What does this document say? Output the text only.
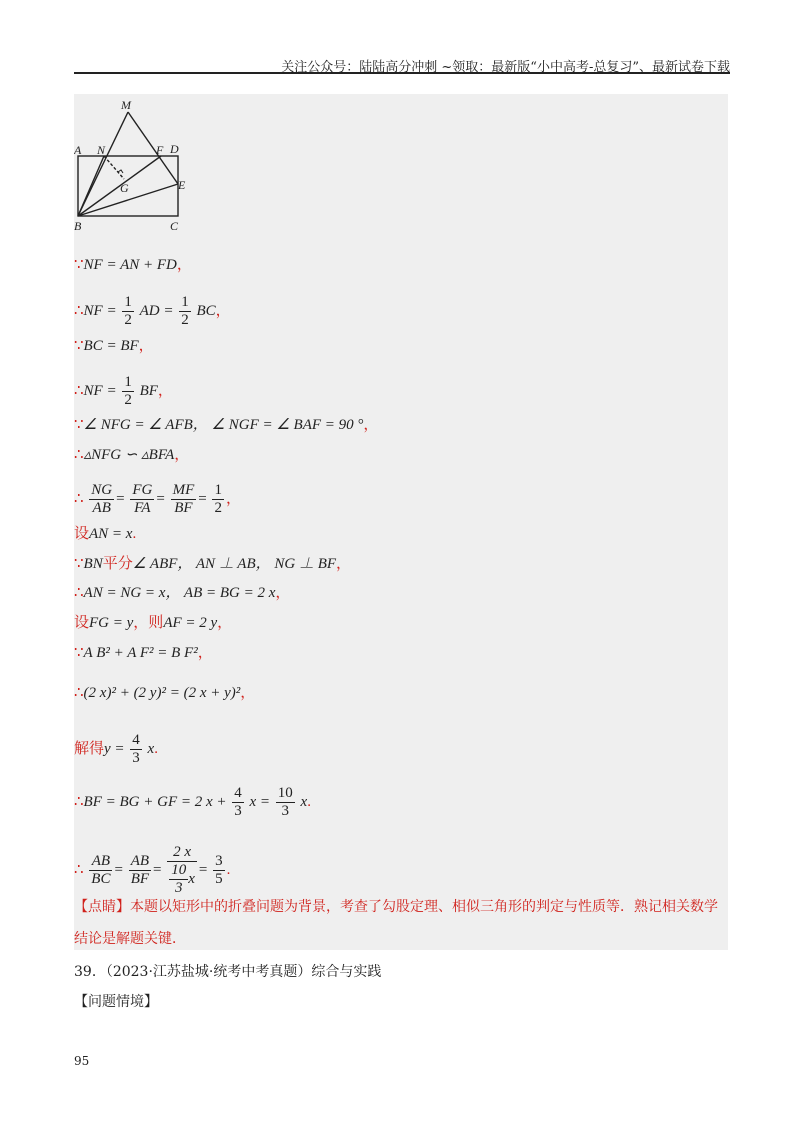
关注公众号：陆陆高分冲刺 ~领取：最新版“小中高考-总复习”、最新试卷下载
M
A N	F D
G	E
B	C
∵NF = AN + FD，
∴NF = $\frac{1}{2}$ AD = $\frac{1}{2}$ BC，
∵BC = BF，
∴NF = $\frac{1}{2}$ BF，
∵∠ NFG = ∠ AFB， ∠ NGF = ∠ BAF = 90 °，
∴▵NFG ∽ ▵BFA，
∴ $\frac{NG}{AB} = \frac{FG}{FA} = \frac{MF}{BF} = \frac{1}{2}$ ，
设AN = x.
∵BN平分∠ ABF， AN ⊥ AB， NG ⊥ BF，
∴AN = NG = x， AB = BG = 2 x，
设FG = y，则AF = 2 y，
∵A B² + A F² = B F²，
∴(2 x)² + (2 y)² = (2 x + y)²，
解得$y = \frac{4}{3} x$.
∴BF = BG + GF = 2 $x + \frac{4}{3}$ $x = \frac{10}{3} x$.
∴ $\frac{AB}{BC} = \frac{AB}{BF} = \frac{2 x}{\frac{10}{3} x} = \frac{3}{5}$ .
【点睛】本题以矩形中的折叠问题为背景，考查了勾股定理、相似三角形的判定与性质等．熟记相关数学结论是解题关键．
39．（2023·江苏盐城·统考中考真题）综合与实践
【问题情境】
95
